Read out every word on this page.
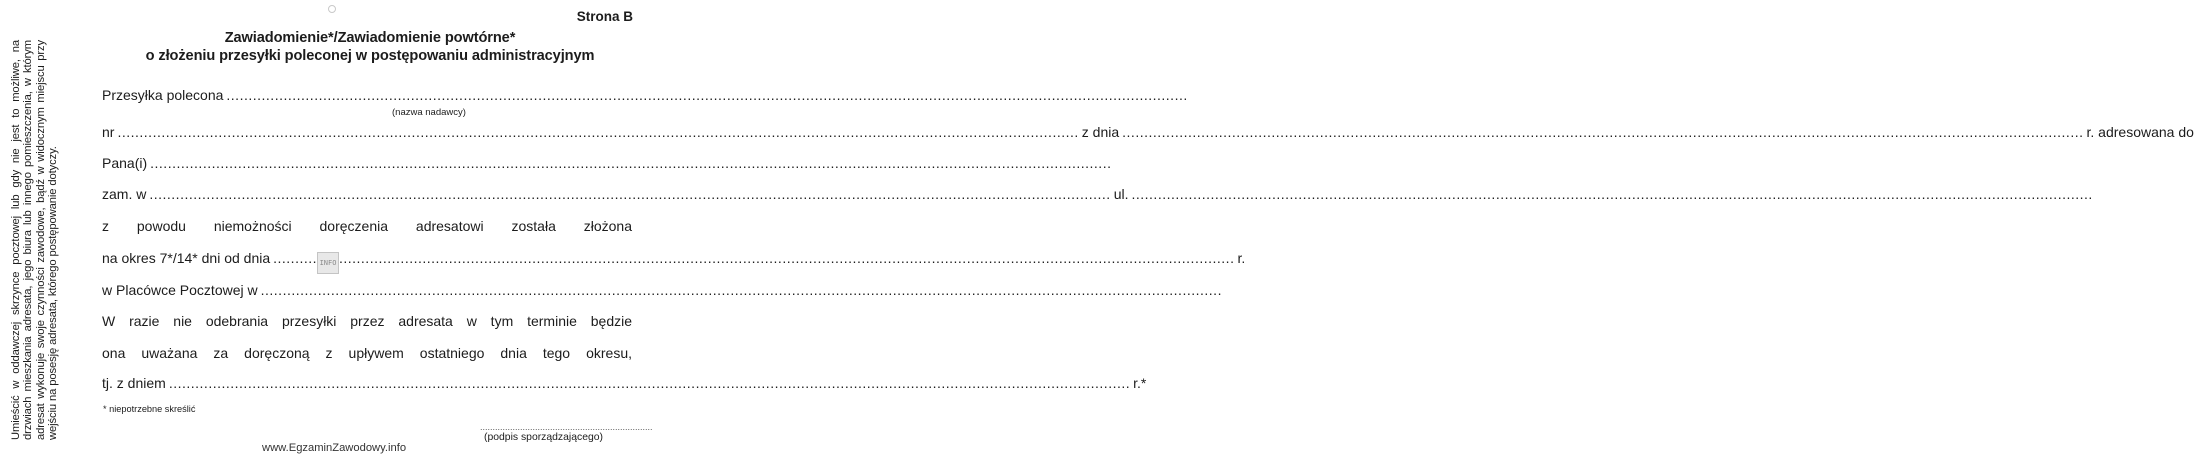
Umieścić w oddawczej skrzynce pocztowej lub gdy nie jest to możliwe, na drzwiach mieszkania adresata, jego biura lub innego pomieszczenia, w którym adresat wykonuje swoje czynności zawodowe, bądź w widocznym miejscu przy wejściu na posesję adresata, którego postępowanie dotyczy.
Strona B
Zawiadomienie*/Zawiadomienie powtórne*
o złożeniu przesyłki poleconej w postępowaniu administracyjnym
Przesyłka polecona
.....
(nazwa nadawcy)
nr .....	z dnia .....	r. adresowana do
Pana(i)
.....
zam. w .....	ul.
.....
z powodu niemożności doręczenia adresatowi została złożona
na okres 7*/14* dni od dnia .....	r.
INFO
w Placówce Pocztowej w
.....
W razie nie odebrania przesyłki przez adresata w tym terminie będzie
ona uważana za doręczoną z upływem ostatniego dnia tego okresu,
tj. z dniem .....	r.*
* niepotrzebne skreślić
.....................................................................
(podpis sporządzającego)
www.EgzaminZawodowy.info
